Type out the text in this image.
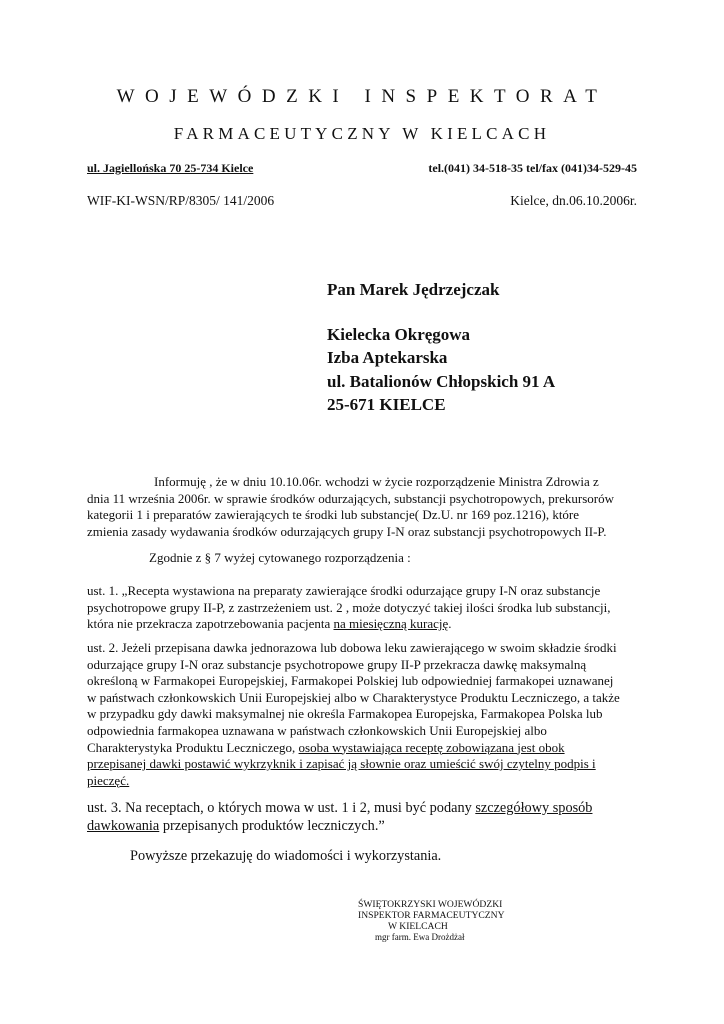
WOJEWÓDZKI INSPEKTORAT
FARMACEUTYCZNY W KIELCACH
ul. Jagiellońska 70 25-734 Kielce	tel.(041) 34-518-35 tel/fax (041)34-529-45
WIF-KI-WSN/RP/8305/ 141/2006	Kielce, dn.06.10.2006r.
Pan Marek Jędrzejczak
Kielecka Okręgowa
Izba Aptekarska
ul. Batalionów Chłopskich 91 A
25-671 KIELCE

Informuję , że w dniu 10.10.06r. wchodzi w życie rozporządzenie Ministra Zdrowia z

dnia 11 września 2006r. w sprawie środków odurzających, substancji psychotropowych, prekursorów

kategorii 1 i preparatów zawierających te środki lub substancje( Dz.U. nr 169 poz.1216), które

zmienia zasady wydawania środków odurzających grupy I-N oraz substancji psychotropowych II-P.

Zgodnie z § 7 wyżej cytowanego rozporządzenia :

ust. 1. „Recepta wystawiona na preparaty zawierające środki odurzające grupy I-N oraz substancje

psychotropowe grupy II-P, z zastrzeżeniem ust. 2 , może dotyczyć takiej ilości środka lub substancji,

która nie przekracza zapotrzebowania pacjenta na miesięczną kurację.

ust. 2. Jeżeli przepisana dawka jednorazowa lub dobowa leku zawierającego w swoim składzie środki

odurzające grupy I-N oraz substancje psychotropowe grupy II-P przekracza dawkę maksymalną

określoną w Farmakopei Europejskiej, Farmakopei Polskiej lub odpowiedniej farmakopei uznawanej

w państwach członkowskich Unii Europejskiej albo w Charakterystyce Produktu Leczniczego, a także

w przypadku gdy dawki maksymalnej nie określa Farmakopea Europejska, Farmakopea Polska lub

odpowiednia farmakopea uznawana w państwach członkowskich Unii Europejskiej albo

Charakterystyka Produktu Leczniczego, osoba wystawiająca receptę zobowiązana jest obok

przepisanej dawki postawić wykrzyknik i zapisać ją słownie oraz umieścić swój czytelny podpis i

pieczęć.

ust. 3. Na receptach, o których mowa w ust. 1 i 2, musi być podany szczegółowy sposób

dawkowania przepisanych produktów leczniczych.”

Powyższe przekazuję do wiadomości i wykorzystania.

ŚWIĘTOKRZYSKI WOJEWÓDZKI
INSPEKTOR FARMACEUTYCZNY
W KIELCACH
mgr farm. Ewa Drożdżał
